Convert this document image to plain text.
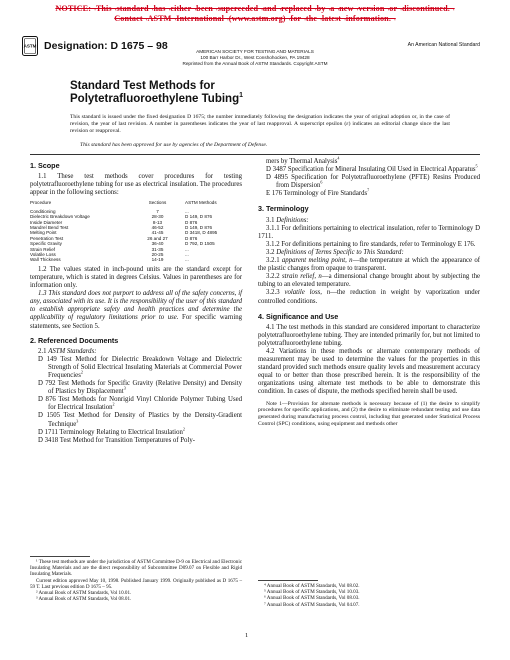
NOTICE:¬This¬standard¬has¬either¬been¬superceded¬and¬replaced¬by¬a¬new¬version¬or¬discontinued.¬
Contact¬ASTM¬International¬(www.astm.org)¬for¬the¬latest¬information.¬
ASTM Designation: D 1675 – 98	An American National Standard
AMERICAN SOCIETY FOR TESTING AND MATERIALS
100 Barr Harbor Dr., West Conshohocken, PA 19428
Reprinted from the Annual Book of ASTM Standards. Copyright ASTM
Standard Test Methods for
Polytetrafluoroethylene Tubing$^1$
This standard is issued under the fixed designation D 1675; the number immediately following the designation indicates the year of original adoption or, in the case of revision, the year of last revision. A number in parentheses indicates the year of last reapproval. A superscript epsilon (ε) indicates an editorial change since the last revision or reapproval.
This standard has been approved for use by agencies of the Department of Defense.

1. Scope

1.1 These test methods cover procedures for testing polytetrafluoroethylene tubing for use as electrical insulation. The procedures appear in the following sections:

Procedure	Sections	ASTM Methods

Conditioning	7	...
Dielectric Breakdown Voltage	28-30	D 149, D 876
Inside Diameter	8-13	D 876
Mandrel Bend Test	46-52	D 149, D 876
Melting Point	41-45	D 3418, D 4895
Penetration Test	26 and 27	D 876
Specific Gravity	36-40	D 792, D 1505
Strain Relief	31-35	...
Volatile Loss	20-25	...
Wall Thickness	14-19	...

1.2 The values stated in inch-pound units are the standard except for temperature, which is stated in degrees Celsius. Values in parentheses are for information only.

1.3 This standard does not purport to address all of the safety concerns, if any, associated with its use. It is the responsibility of the user of this standard to establish appropriate safety and health practices and determine the applicability of regulatory limitations prior to use. For specific warning statements, see Section 5.

2. Referenced Documents

2.1 ASTM Standards:

D 149 Test Method for Dielectric Breakdown Voltage and Dielectric Strength of Solid Electrical Insulating Materials at Commercial Power Frequencies$^2$

D 792 Test Methods for Specific Gravity (Relative Density) and Density of Plastics by Displacement$^3$

D 876 Test Methods for Nonrigid Vinyl Chloride Polymer Tubing Used for Electrical Insulation$^2$

D 1505 Test Method for Density of Plastics by the Density-Gradient Technique$^3$

D 1711 Terminology Relating to Electrical Insulation$^2$

D 3418 Test Method for Transition Temperatures of Poly-

¹ These test methods are under the jurisdiction of ASTM Committee D-9 on Electrical and Electronic Insulating Materials and are the direct responsibility of Subcommittee D09.07 on Flexible and Rigid Insulating Materials.

Current edition approved May 10, 1998. Published January 1999. Originally published as D 1675 – 59 T. Last previous edition D 1675 – 95.

² Annual Book of ASTM Standards, Vol 10.01.

³ Annual Book of ASTM Standards, Vol 08.01.

mers by Thermal Analysis$^4$

D 3487 Specification for Mineral Insulating Oil Used in Electrical Apparatus$^5$

D 4895 Specification for Polytetrafluoroethylene (PFTE) Resins Produced from Dispersion$^6$

E 176 Terminology of Fire Standards$^7$

3. Terminology

3.1 Definitions:

3.1.1 For definitions pertaining to electrical insulation, refer to Terminology D 1711.

3.1.2 For definitions pertaining to fire standards, refer to Terminology E 176.

3.2 Definitions of Terms Specific to This Standard:

3.2.1 apparent melting point, n—the temperature at which the appearance of the plastic changes from opaque to transparent.

3.2.2 strain relief, n—a dimensional change brought about by subjecting the tubing to an elevated temperature.

3.2.3 volatile loss, n—the reduction in weight by vaporization under controlled conditions.

4. Significance and Use

4.1 The test methods in this standard are considered important to characterize polytetrafluoroethylene tubing. They are intended primarily for, but not limited to polytetrafluoroethylene tubing.

4.2 Variations in these methods or alternate contemporary methods of measurement may be used to determine the values for the properties in this standard provided such methods ensure quality levels and measurement accuracy equal to or better than those prescribed herein. It is the responsibility of the organizations using alternate test methods to be able to demonstrate this condition. In cases of dispute, the methods specified herein shall be used.

Note 1—Provision for alternate methods is necessary because of (1) the desire to simplify procedures for specific applications, and (2) the desire to eliminate redundant testing and use data generated during manufacturing process control, including that generated under Statistical Process Control (SPC) conditions, using equipment and methods other

⁴ Annual Book of ASTM Standards, Vol 08.02.

⁵ Annual Book of ASTM Standards, Vol 10.03.

⁶ Annual Book of ASTM Standards, Vol 08.03.

⁷ Annual Book of ASTM Standards, Vol 04.07.

1
